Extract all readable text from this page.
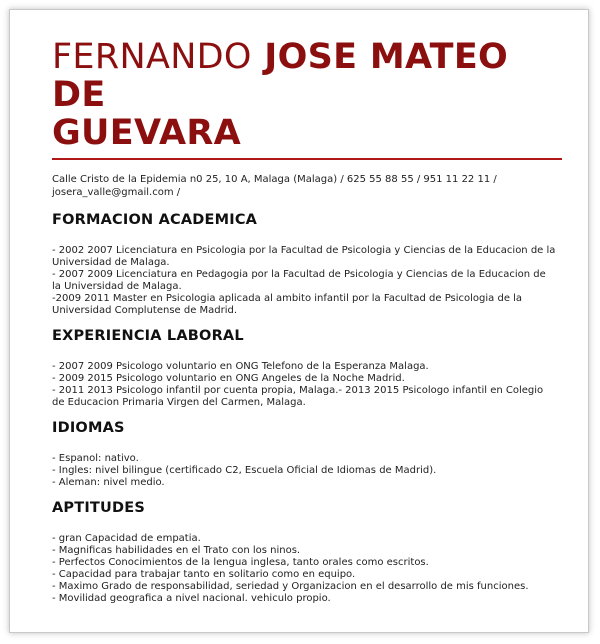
FERNANDO JOSE MATEO DE
GUEVARA
Calle Cristo de la Epidemia n0 25, 10 A, Malaga (Malaga) / 625 55 88 55 / 951 11 22 11 / josera_valle@gmail.com /
FORMACION ACADEMICA
- 2002 2007 Licenciatura en Psicologia por la Facultad de Psicologia y Ciencias de la Educacion de la Universidad de Malaga.
- 2007 2009 Licenciatura en Pedagogia por la Facultad de Psicologia y Ciencias de la Educacion de la Universidad de Malaga.
-2009 2011 Master en Psicologia aplicada al ambito infantil por la Facultad de Psicologia de la Universidad Complutense de Madrid.
EXPERIENCIA LABORAL
- 2007 2009 Psicologo voluntario en ONG Telefono de la Esperanza Malaga.
- 2009 2015 Psicologo voluntario en ONG Angeles de la Noche Madrid.
- 2011 2013 Psicologo infantil por cuenta propia, Malaga.- 2013 2015 Psicologo infantil en Colegio de Educacion Primaria Virgen del Carmen, Malaga.
IDIOMAS
- Espanol: nativo.
- Ingles: nivel bilingue (certificado C2, Escuela Oficial de Idiomas de Madrid).
- Aleman: nivel medio.
APTITUDES
- gran Capacidad de empatia.
- Magnificas habilidades en el Trato con los ninos.
- Perfectos Conocimientos de la lengua inglesa, tanto orales como escritos.
- Capacidad para trabajar tanto en solitario como en equipo.
- Maximo Grado de responsabilidad, seriedad y Organizacion en el desarrollo de mis funciones.
- Movilidad geografica a nivel nacional. vehiculo propio.
